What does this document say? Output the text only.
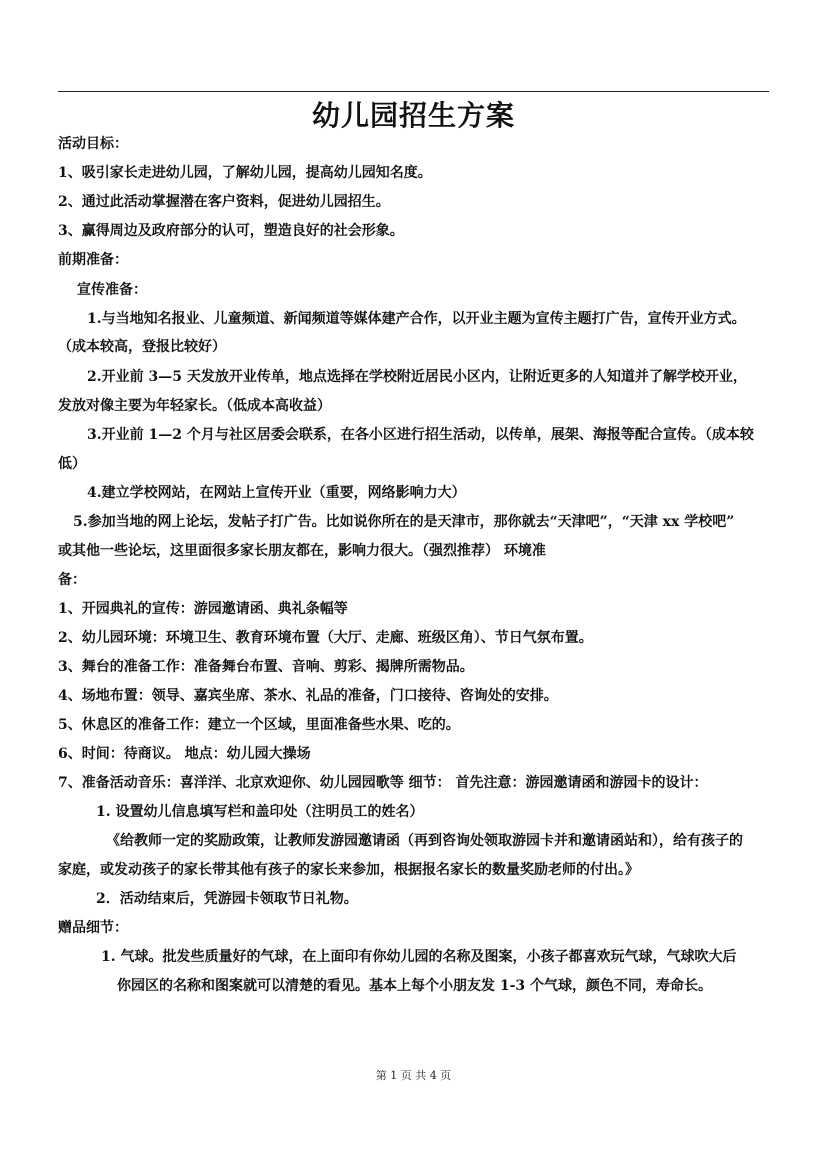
幼儿园招生方案
活动目标：
1、吸引家长走进幼儿园，了解幼儿园，提高幼儿园知名度。
2、通过此活动掌握潜在客户资料，促进幼儿园招生。
3、赢得周边及政府部分的认可，塑造良好的社会形象。
前期准备：
宣传准备：
1.与当地知名报业、儿童频道、新闻频道等媒体建产合作，以开业主题为宣传主题打广告，宣传开业方式。
（成本较高，登报比较好）
2.开业前 3—5 天发放开业传单，地点选择在学校附近居民小区内，让附近更多的人知道并了解学校开业，
发放对像主要为年轻家长。（低成本高收益）
3.开业前 1—2 个月与社区居委会联系，在各小区进行招生活动，以传单，展架、海报等配合宣传。（成本较
低）
4.建立学校网站，在网站上宣传开业（重要，网络影响力大）
5.参加当地的网上论坛，发帖子打广告。比如说你所在的是天津市，那你就去“天津吧”，“天津 xx 学校吧”
或其他一些论坛，这里面很多家长朋友都在，影响力很大。（强烈推荐） 环境准
备：
1、开园典礼的宣传：游园邀请函、典礼条幅等
2、幼儿园环境：环境卫生、教育环境布置（大厅、走廊、班级区角）、节日气氛布置。
3、舞台的准备工作：准备舞台布置、音响、剪彩、揭牌所需物品。
4、场地布置：领导、嘉宾坐席、茶水、礼品的准备，门口接待、咨询处的安排。
5、休息区的准备工作：建立一个区域，里面准备些水果、吃的。
6、时间：待商议。 地点：幼儿园大操场
7、准备活动音乐：喜洋洋、北京欢迎你、幼儿园园歌等 细节： 首先注意：游园邀请函和游园卡的设计：
1. 设置幼儿信息填写栏和盖印处（注明员工的姓名）
《给教师一定的奖励政策，让教师发游园邀请函（再到咨询处领取游园卡并和邀请函站和），给有孩子的
家庭，或发动孩子的家长带其他有孩子的家长来参加，根据报名家长的数量奖励老师的付出。》
2．活动结束后，凭游园卡领取节日礼物。
赠品细节：
1. 气球。批发些质量好的气球，在上面印有你幼儿园的名称及图案，小孩子都喜欢玩气球，气球吹大后
你园区的名称和图案就可以清楚的看见。基本上每个小朋友发 1-3 个气球，颜色不同，寿命长。
第 1 页 共 4 页
